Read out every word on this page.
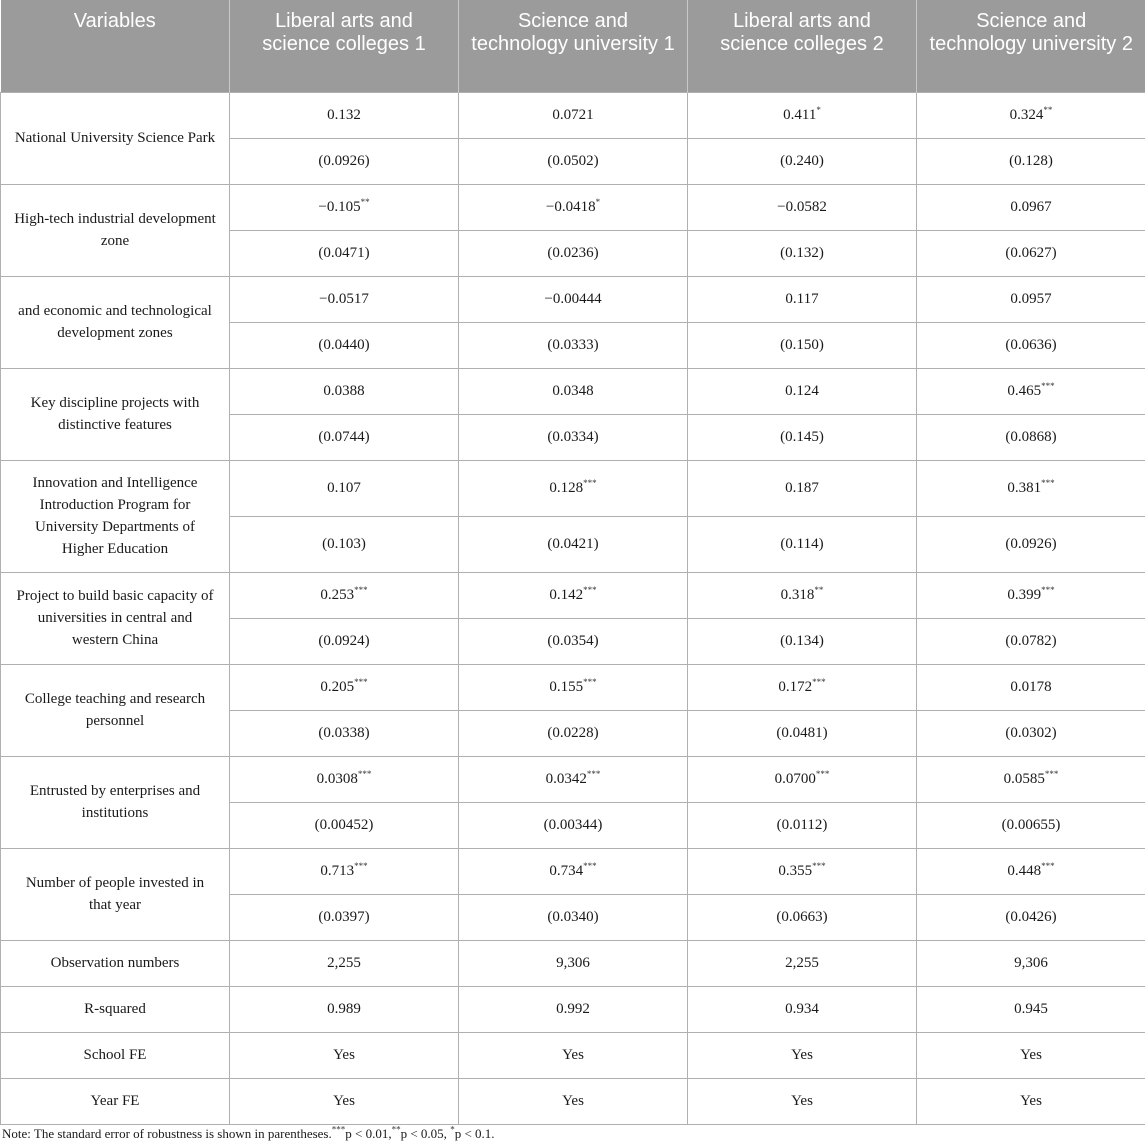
Variables	Liberal arts and science colleges 1	Science and technology university 1	Liberal arts and science colleges 2	Science and technology university 2

National University Science Park	0.132	0.0721	0.411*	0.324**
	(0.0926)	(0.0502)	(0.240)	(0.128)
High-tech industrial development zone	−0.105**	−0.0418*	−0.0582	0.0967
	(0.0471)	(0.0236)	(0.132)	(0.0627)
and economic and technological development zones	−0.0517	−0.00444	0.117	0.0957
	(0.0440)	(0.0333)	(0.150)	(0.0636)
Key discipline projects with distinctive features	0.0388	0.0348	0.124	0.465***
	(0.0744)	(0.0334)	(0.145)	(0.0868)
Innovation and Intelligence Introduction Program for University Departments of Higher Education	0.107	0.128***	0.187	0.381***
	(0.103)	(0.0421)	(0.114)	(0.0926)
Project to build basic capacity of universities in central and western China	0.253***	0.142***	0.318**	0.399***
	(0.0924)	(0.0354)	(0.134)	(0.0782)
College teaching and research personnel	0.205***	0.155***	0.172***	0.0178
	(0.0338)	(0.0228)	(0.0481)	(0.0302)
Entrusted by enterprises and institutions	0.0308***	0.0342***	0.0700***	0.0585***
	(0.00452)	(0.00344)	(0.0112)	(0.00655)
Number of people invested in that year	0.713***	0.734***	0.355***	0.448***
	(0.0397)	(0.0340)	(0.0663)	(0.0426)
Observation numbers	2,255	9,306	2,255	9,306
R-squared	0.989	0.992	0.934	0.945
School FE	Yes	Yes	Yes	Yes
Year FE	Yes	Yes	Yes	Yes
Note: The standard error of robustness is shown in parentheses.***p < 0.01,**p < 0.05, *p < 0.1.
